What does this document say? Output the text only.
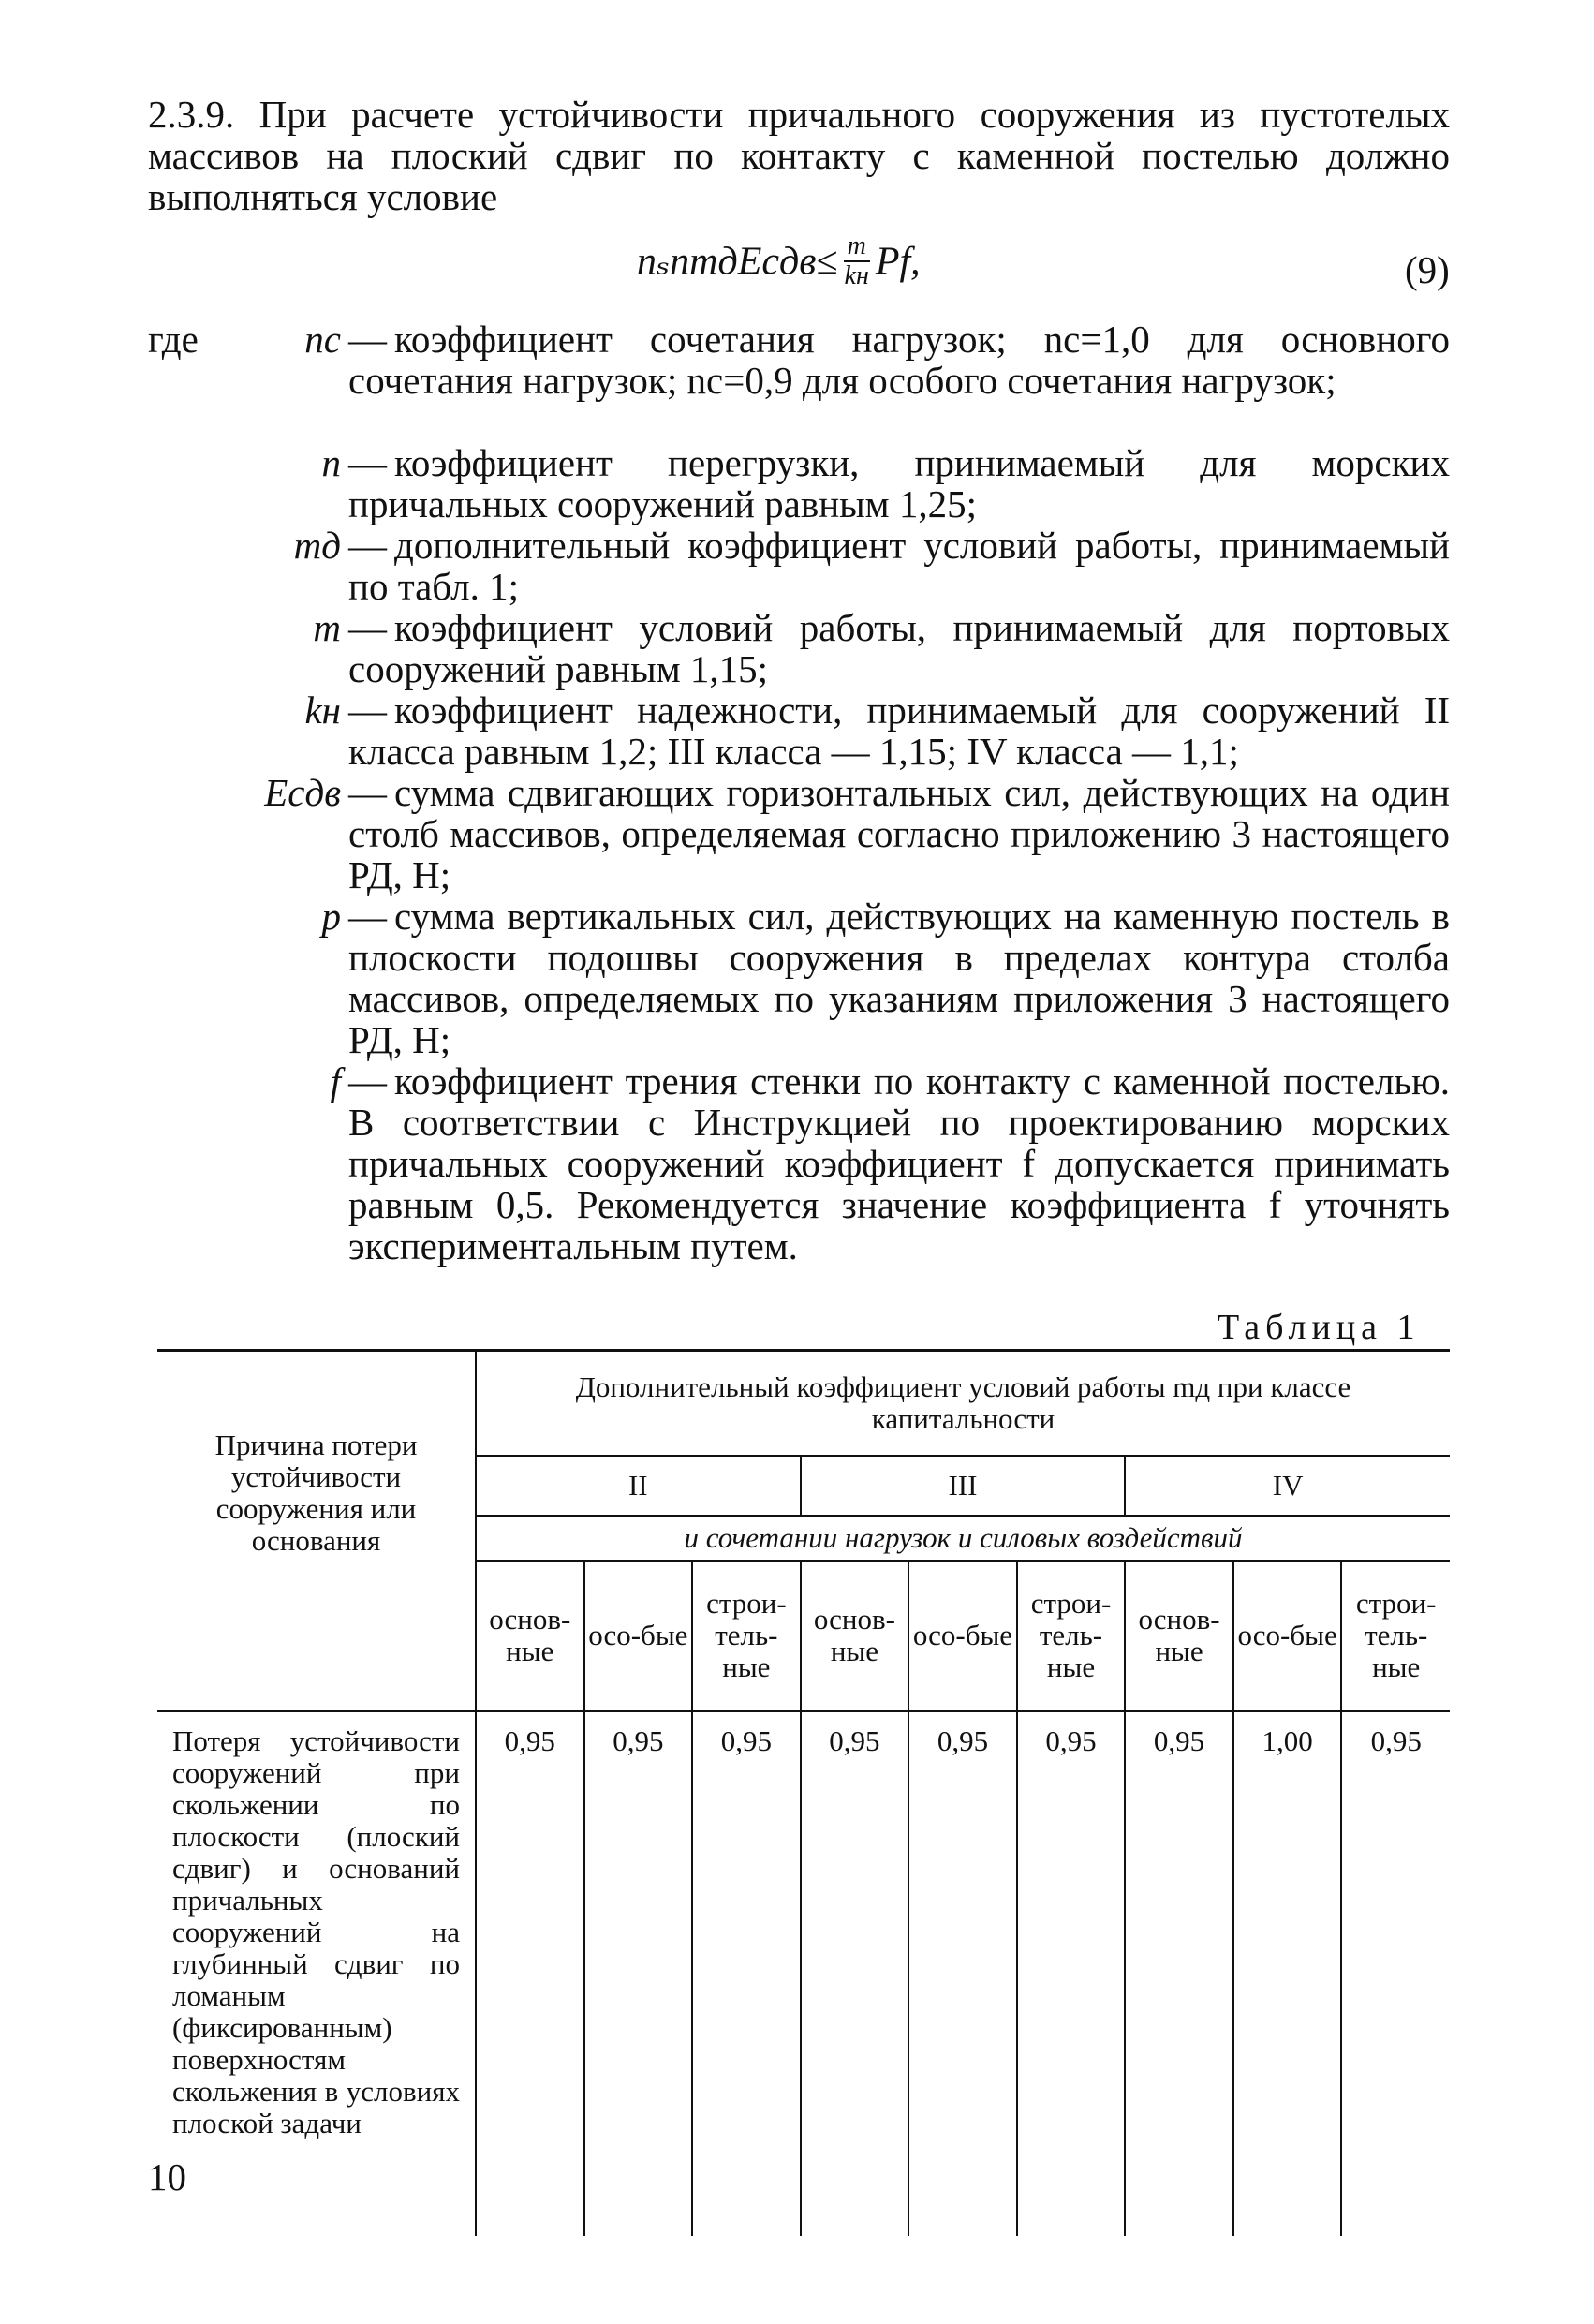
2.3.9. При расчете устойчивости причального сооружения из пустотелых массивов на плоский сдвиг по контакту с каменной постелью должно выполняться условие
nₛnmдEсдв≤ $\frac{m}{kн} Pf$,	(9)
где	nс — коэффициент сочетания нагрузок; nс=1,0 для основного сочетания нагрузок; nс=0,9 для особого сочетания нагрузок;
n — коэффициент перегрузки, принимаемый для морских причальных сооружений равным 1,25;
mд — дополнительный коэффициент условий работы, принимаемый по табл. 1;
m — коэффициент условий работы, принимаемый для портовых сооружений равным 1,15;
kн — коэффициент надежности, принимаемый для сооружений II класса равным 1,2; III класса — 1,15; IV класса — 1,1;
Eсдв — сумма сдвигающих горизонтальных сил, действующих на один столб массивов, определяемая согласно приложению 3 настоящего РД, Н;
p — сумма вертикальных сил, действующих на каменную постель в плоскости подошвы сооружения в пределах контура столба массивов, определяемых по указаниям приложения 3 настоящего РД, Н;
f — коэффициент трения стенки по контакту с каменной постелью. В соответствии с Инструкцией по проектированию морских причальных сооружений коэффициент f допускается принимать равным 0,5. Рекомендуется значение коэффициента f уточнять экспериментальным путем.
Таблица 1
Причина потери устойчивости сооружения или основания	Дополнительный коэффициент условий работы mд при классе капитальности								
	II			III			IV		
	и сочетании нагрузок и силовых воздействий								
	основ-ные	осо-бые	строи-тель-ные	основ-ные	осо-бые	строи-тель-ные	основ-ные	осо-бые	строи-тель-ные
Потеря устойчивости сооружений при скольжении по плоскости (плоский сдвиг) и оснований причальных сооружений на глубинный сдвиг по ломаным (фиксированным) поверхностям скольжения в условиях плоской задачи	0,95	0,95	0,95	0,95	0,95	0,95	0,95	1,00	0,95
10
